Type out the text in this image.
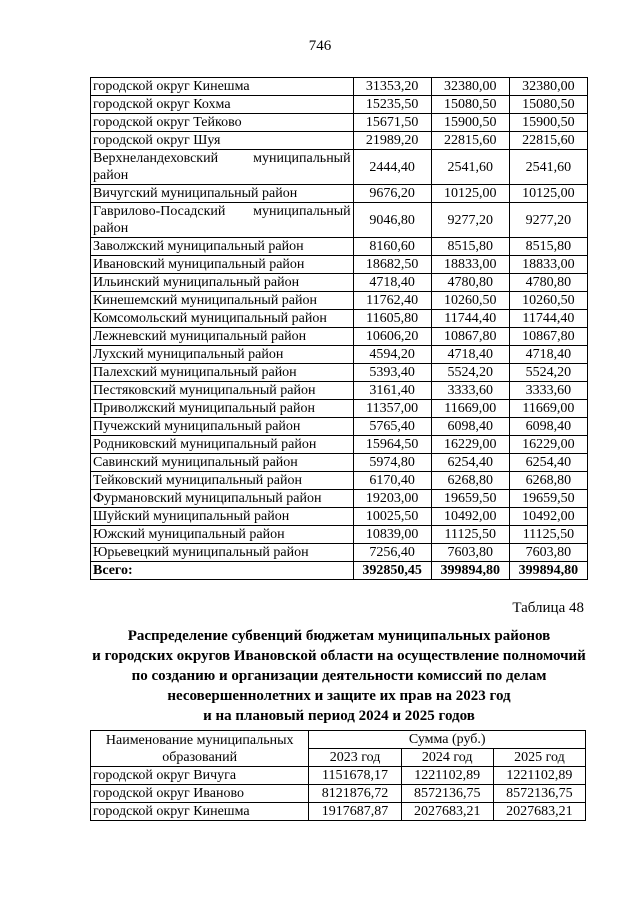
746
городской округ Кинешма	31353,20	32380,00	32380,00
городской округ Кохма	15235,50	15080,50	15080,50
городской округ Тейково	15671,50	15900,50	15900,50
городской округ Шуя	21989,20	22815,60	22815,60

Верхнеландеховский муниципальный район	2444,40	2541,60	2541,60
Вичугский муниципальный район	9676,20	10125,00	10125,00

Гаврилово-Посадский муниципальный район	9046,80	9277,20	9277,20
Заволжский муниципальный район	8160,60	8515,80	8515,80
Ивановский муниципальный район	18682,50	18833,00	18833,00
Ильинский муниципальный район	4718,40	4780,80	4780,80
Кинешемский муниципальный район	11762,40	10260,50	10260,50
Комсомольский муниципальный район	11605,80	11744,40	11744,40
Лежневский муниципальный район	10606,20	10867,80	10867,80
Лухский муниципальный район	4594,20	4718,40	4718,40
Палехский муниципальный район	5393,40	5524,20	5524,20
Пестяковский муниципальный район	3161,40	3333,60	3333,60
Приволжский муниципальный район	11357,00	11669,00	11669,00
Пучежский муниципальный район	5765,40	6098,40	6098,40
Родниковский муниципальный район	15964,50	16229,00	16229,00
Савинский муниципальный район	5974,80	6254,40	6254,40
Тейковский муниципальный район	6170,40	6268,80	6268,80
Фурмановский муниципальный район	19203,00	19659,50	19659,50
Шуйский муниципальный район	10025,50	10492,00	10492,00
Южский муниципальный район	10839,00	11125,50	11125,50
Юрьевецкий муниципальный район	7256,40	7603,80	7603,80
Всего:	392850,45	399894,80	399894,80
Таблица 48
Распределение субвенций бюджетам муниципальных районов
и городских округов Ивановской области на осуществление полномочий
по созданию и организации деятельности комиссий по делам
несовершеннолетних и защите их прав на 2023 год
и на плановый период 2024 и 2025 годов
Наименование муниципальных образований	Сумма (руб.)		
	2023 год	2024 год	2025 год
городской округ Вичуга	1151678,17	1221102,89	1221102,89
городской округ Иваново	8121876,72	8572136,75	8572136,75
городской округ Кинешма	1917687,87	2027683,21	2027683,21
